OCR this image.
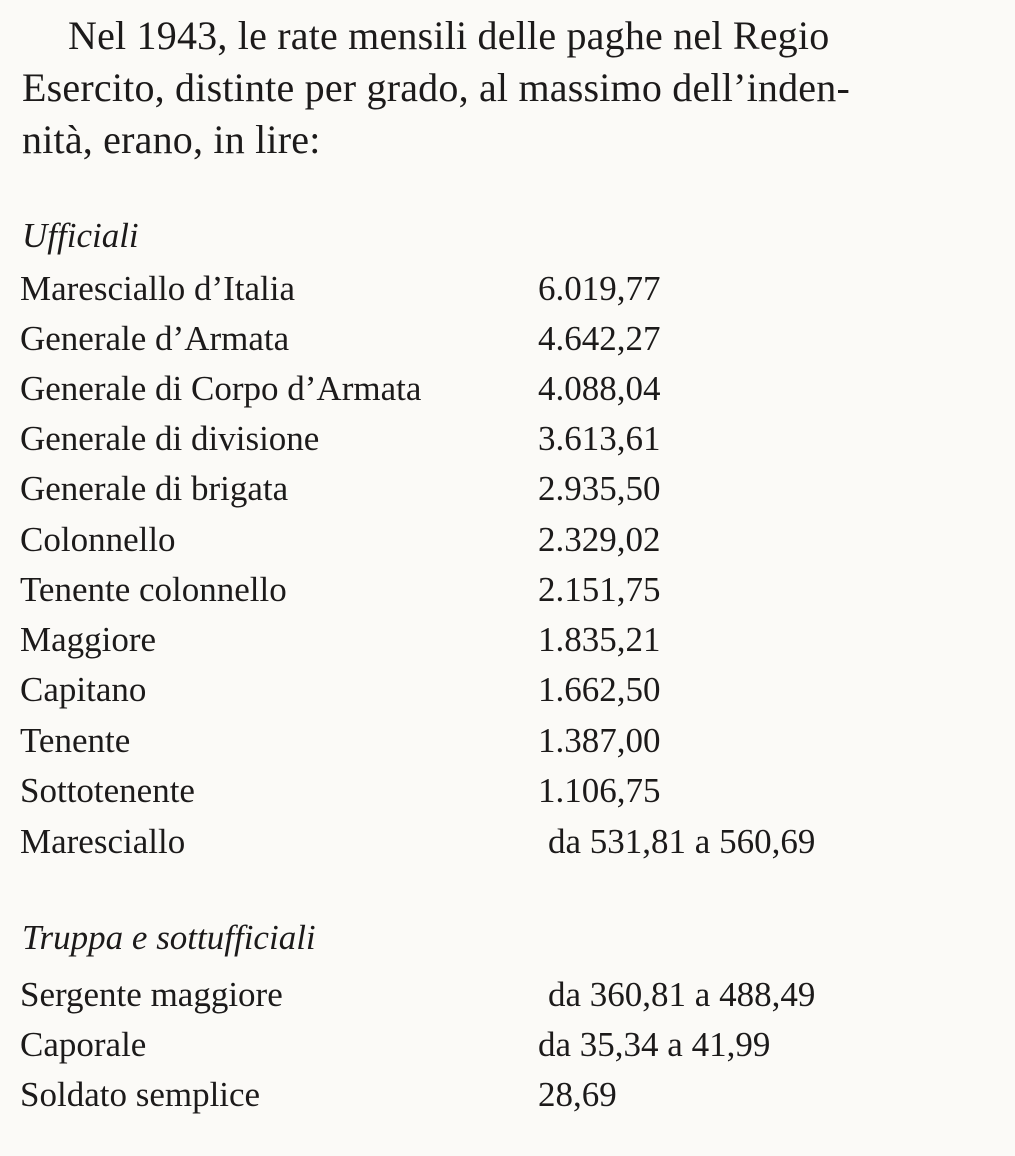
Nel 1943, le rate mensili delle paghe nel Regio
Esercito, distinte per grado, al massimo dell’inden-
nità, erano, in lire:
Ufficiali
Maresciallo d’Italia	6.019,77
Generale d’Armata	4.642,27
Generale di Corpo d’Armata	4.088,04
Generale di divisione	3.613,61
Generale di brigata	2.935,50
Colonnello	2.329,02
Tenente colonnello	2.151,75
Maggiore	1.835,21
Capitano	1.662,50
Tenente	1.387,00
Sottotenente	1.106,75
Maresciallo	da 531,81 a 560,69
Truppa e sottufficiali
Sergente maggiore	da 360,81 a 488,49
Caporale	da 35,34 a 41,99
Soldato semplice	28,69
